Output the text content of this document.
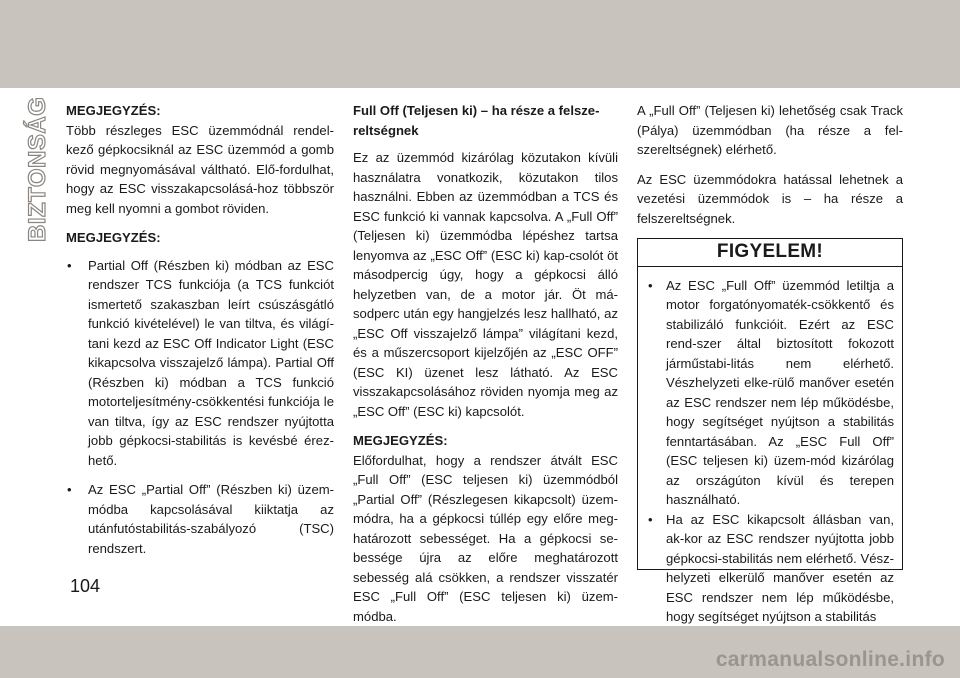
BIZTONSÁG	MEGJEGYZÉS:

Több részleges ESC üzemmódnál rendel-kező gépkocsiknál az ESC üzemmód a gomb rövid megnyomásával váltható. Elő-fordulhat, hogy az ESC visszakapcsolásá-hoz többször meg kell nyomni a gombot röviden.

MEGJEGYZÉS:

• Partial Off (Részben ki) módban az ESC rendszer TCS funkciója (a TCS funkciót ismertető szakaszban leírt csúszásgátló funkció kivételével) le van tiltva, és világí-tani kezd az ESC Off Indicator Light (ESC kikapcsolva visszajelző lámpa). Partial Off (Részben ki) módban a TCS funkció motorteljesítmény-csökkentési funkciója le van tiltva, így az ESC rendszer nyújtotta jobb gépkocsi-stabilitás is kevésbé érez-hető.
• Az ESC „Partial Off” (Részben ki) üzem-módba kapcsolásával kiiktatja az utánfutóstabilitás-szabályozó (TSC) rendszert.

Full Off (Teljesen ki) – ha része a felsze-reltségnek

Ez az üzemmód kizárólag közutakon kívüli használatra vonatkozik, közutakon tilos használni. Ebben az üzemmódban a TCS és ESC funkció ki vannak kapcsolva. A „Full Off” (Teljesen ki) üzemmódba lépéshez tartsa lenyomva az „ESC Off” (ESC ki) kap-csolót öt másodpercig úgy, hogy a gépkocsi álló helyzetben van, de a motor jár. Öt má-sodperc után egy hangjelzés lesz hallható, az „ESC Off visszajelző lámpa” világítani kezd, és a műszercsoport kijelzőjén az „ESC OFF” (ESC KI) üzenet lesz látható. Az ESC visszakapcsolásához röviden nyomja meg az „ESC Off” (ESC ki) kapcsolót.

MEGJEGYZÉS:

Előfordulhat, hogy a rendszer átvált ESC „Full Off” (ESC teljesen ki) üzemmódból „Partial Off” (Részlegesen kikapcsolt) üzem-módra, ha a gépkocsi túllép egy előre meg-határozott sebességet. Ha a gépkocsi se-bessége újra az előre meghatározott sebesség alá csökken, a rendszer visszatér ESC „Full Off” (ESC teljesen ki) üzem-módba.

A „Full Off” (Teljesen ki) lehetőség csak Track (Pálya) üzemmódban (ha része a fel-szereltségnek) elérhető.

Az ESC üzemmódokra hatással lehetnek a vezetési üzemmódok is – ha része a felszereltségnek.

FIGYELEM!
• Az ESC „Full Off” üzemmód letiltja a motor forgatónyomaték-csökkentő és stabilizáló funkcióit. Ezért az ESC rend-szer által biztosított fokozott járműstabi-litás nem elérhető. Vészhelyzeti elke-rülő manőver esetén az ESC rendszer nem lép működésbe, hogy segítséget nyújtson a stabilitás fenntartásában. Az „ESC Full Off” (ESC teljesen ki) üzem-mód kizárólag az országúton kívül és terepen használható.
• Ha az ESC kikapcsolt állásban van, ak-kor az ESC rendszer nyújtotta jobb gépkocsi-stabilitás nem elérhető. Vész-helyzeti elkerülő manőver esetén az ESC rendszer nem lép működésbe, hogy segítséget nyújtson a stabilitás
104
carmanualsonline.info
